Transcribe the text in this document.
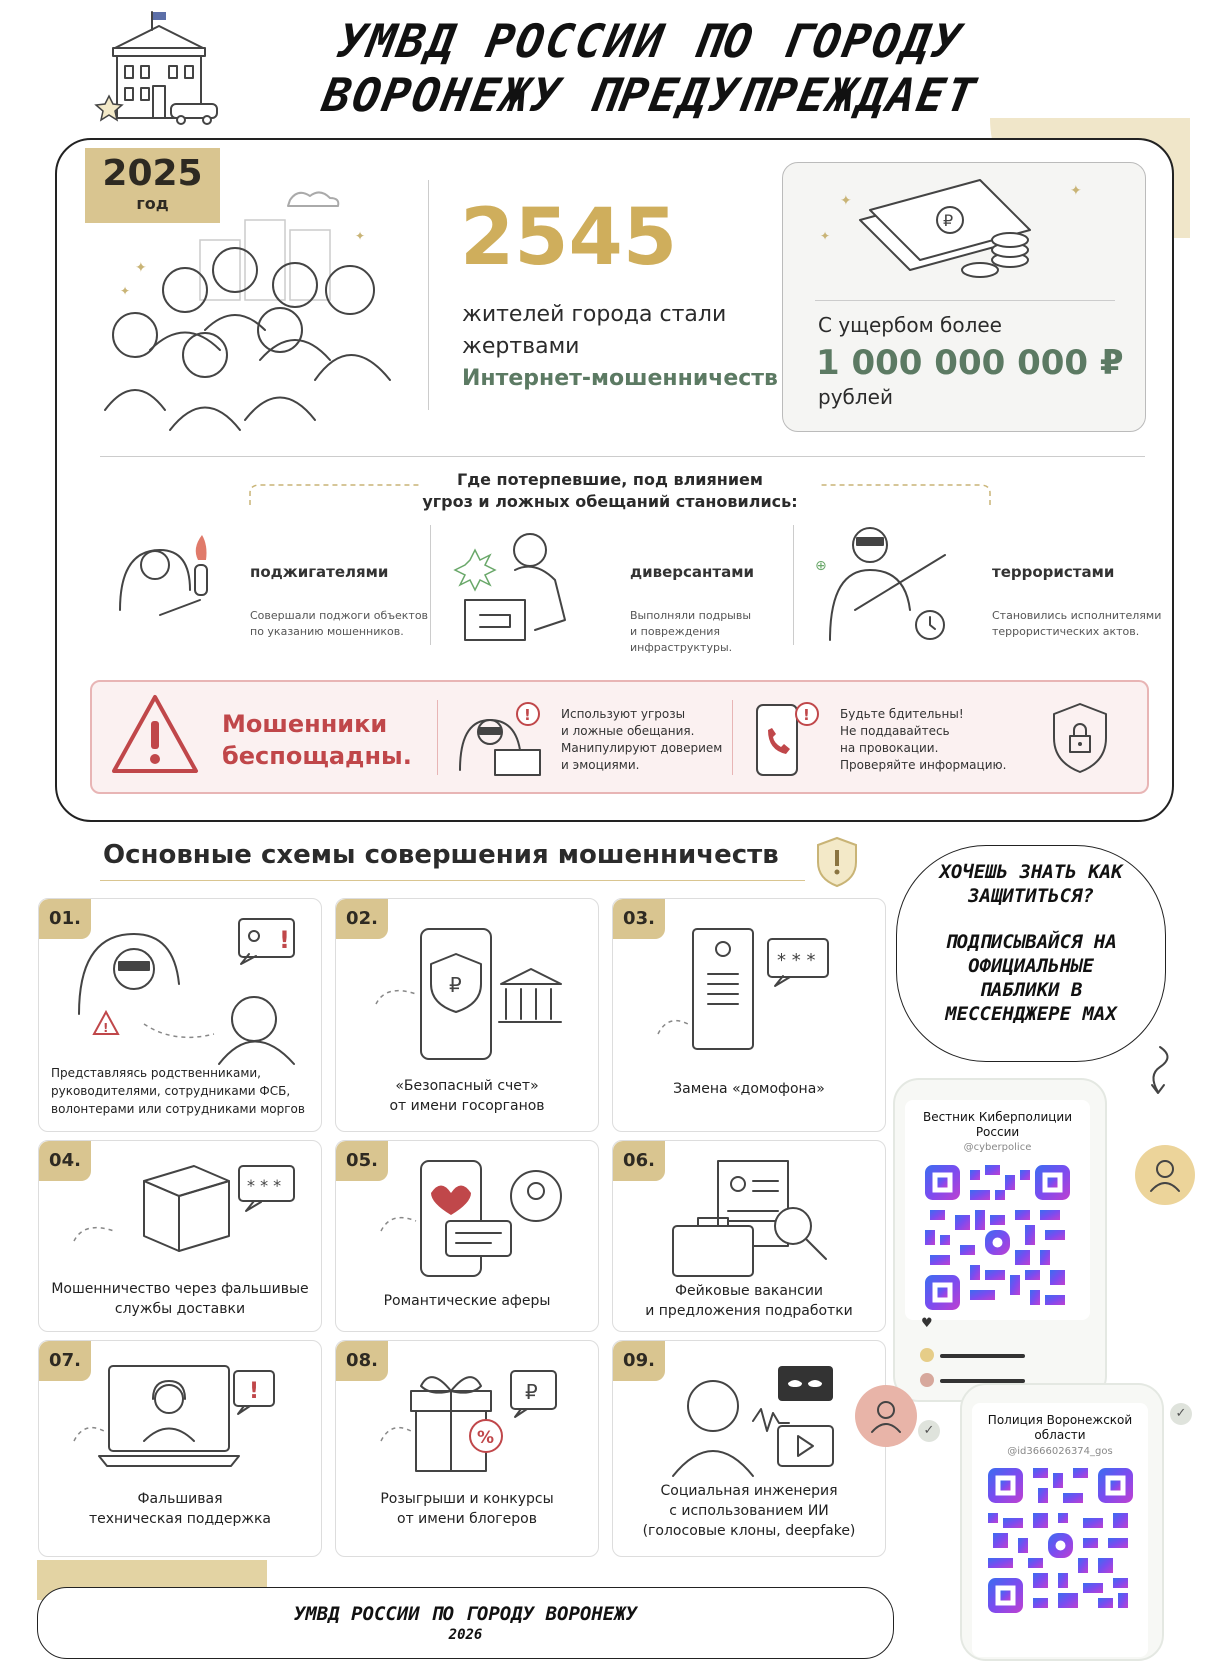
УМВД РОССИИ ПО ГОРОДУ
ВОРОНЕЖУ ПРЕДУПРЕЖДАЕТ
2025
год
✦
✦
✦
2545
жителей города стали
жертвами
Интернет-мошенничеств
₽
✦
✦
✦
С ущербом более
1 000 000 000 ₽
рублей
Где потерпевшие, под влиянием
угроз и ложных обещаний становились:
поджигателями
Совершали поджоги объектов
по указанию мошенников.
диверсантами
Выполняли подрывы
и повреждения
инфраструктуры.
⊕	террористами
Становились исполнителями
террористических актов.
Мошенники
беспощадны.
!	Используют угрозы
и ложные обещания.
Манипулируют доверием
и эмоциями.
!	Будьте бдительны!
Не поддавайтесь
на провокации.
Проверяйте информацию.
Основные схемы совершения мошенничеств
01.
!
!
Представляясь родственниками,
руководителями, сотрудниками ФСБ,
волонтерами или сотрудниками моргов
02.
₽
«Безопасный счет»
от имени госорганов
03.
* * *
Замена «домофона»
04.
* * *
Мошенничество через фальшивые
службы доставки
05.
Романтические аферы
06.
Фейковые вакансии
и предложения подработки
07.
!
Фальшивая
техническая поддержка
08.
₽
%
Розыгрыши и конкурсы
от имени блогеров
09.
Социальная инженерия
с использованием ИИ
(голосовые клоны, deepfake)
ХОЧЕШЬ ЗНАТЬ КАК
ЗАЩИТИТЬСЯ?
ПОДПИСЫВАЙСЯ НА
ОФИЦИАЛЬНЫЕ
ПАБЛИКИ В
МЕССЕНДЖЕРЕ MAX
Вестник Киберполиции
России
@cyberpolice
♥
✓
✓
Полиция Воронежской
области
@id3666026374_gos
УМВД РОССИИ ПО ГОРОДУ ВОРОНЕЖУ
2026
